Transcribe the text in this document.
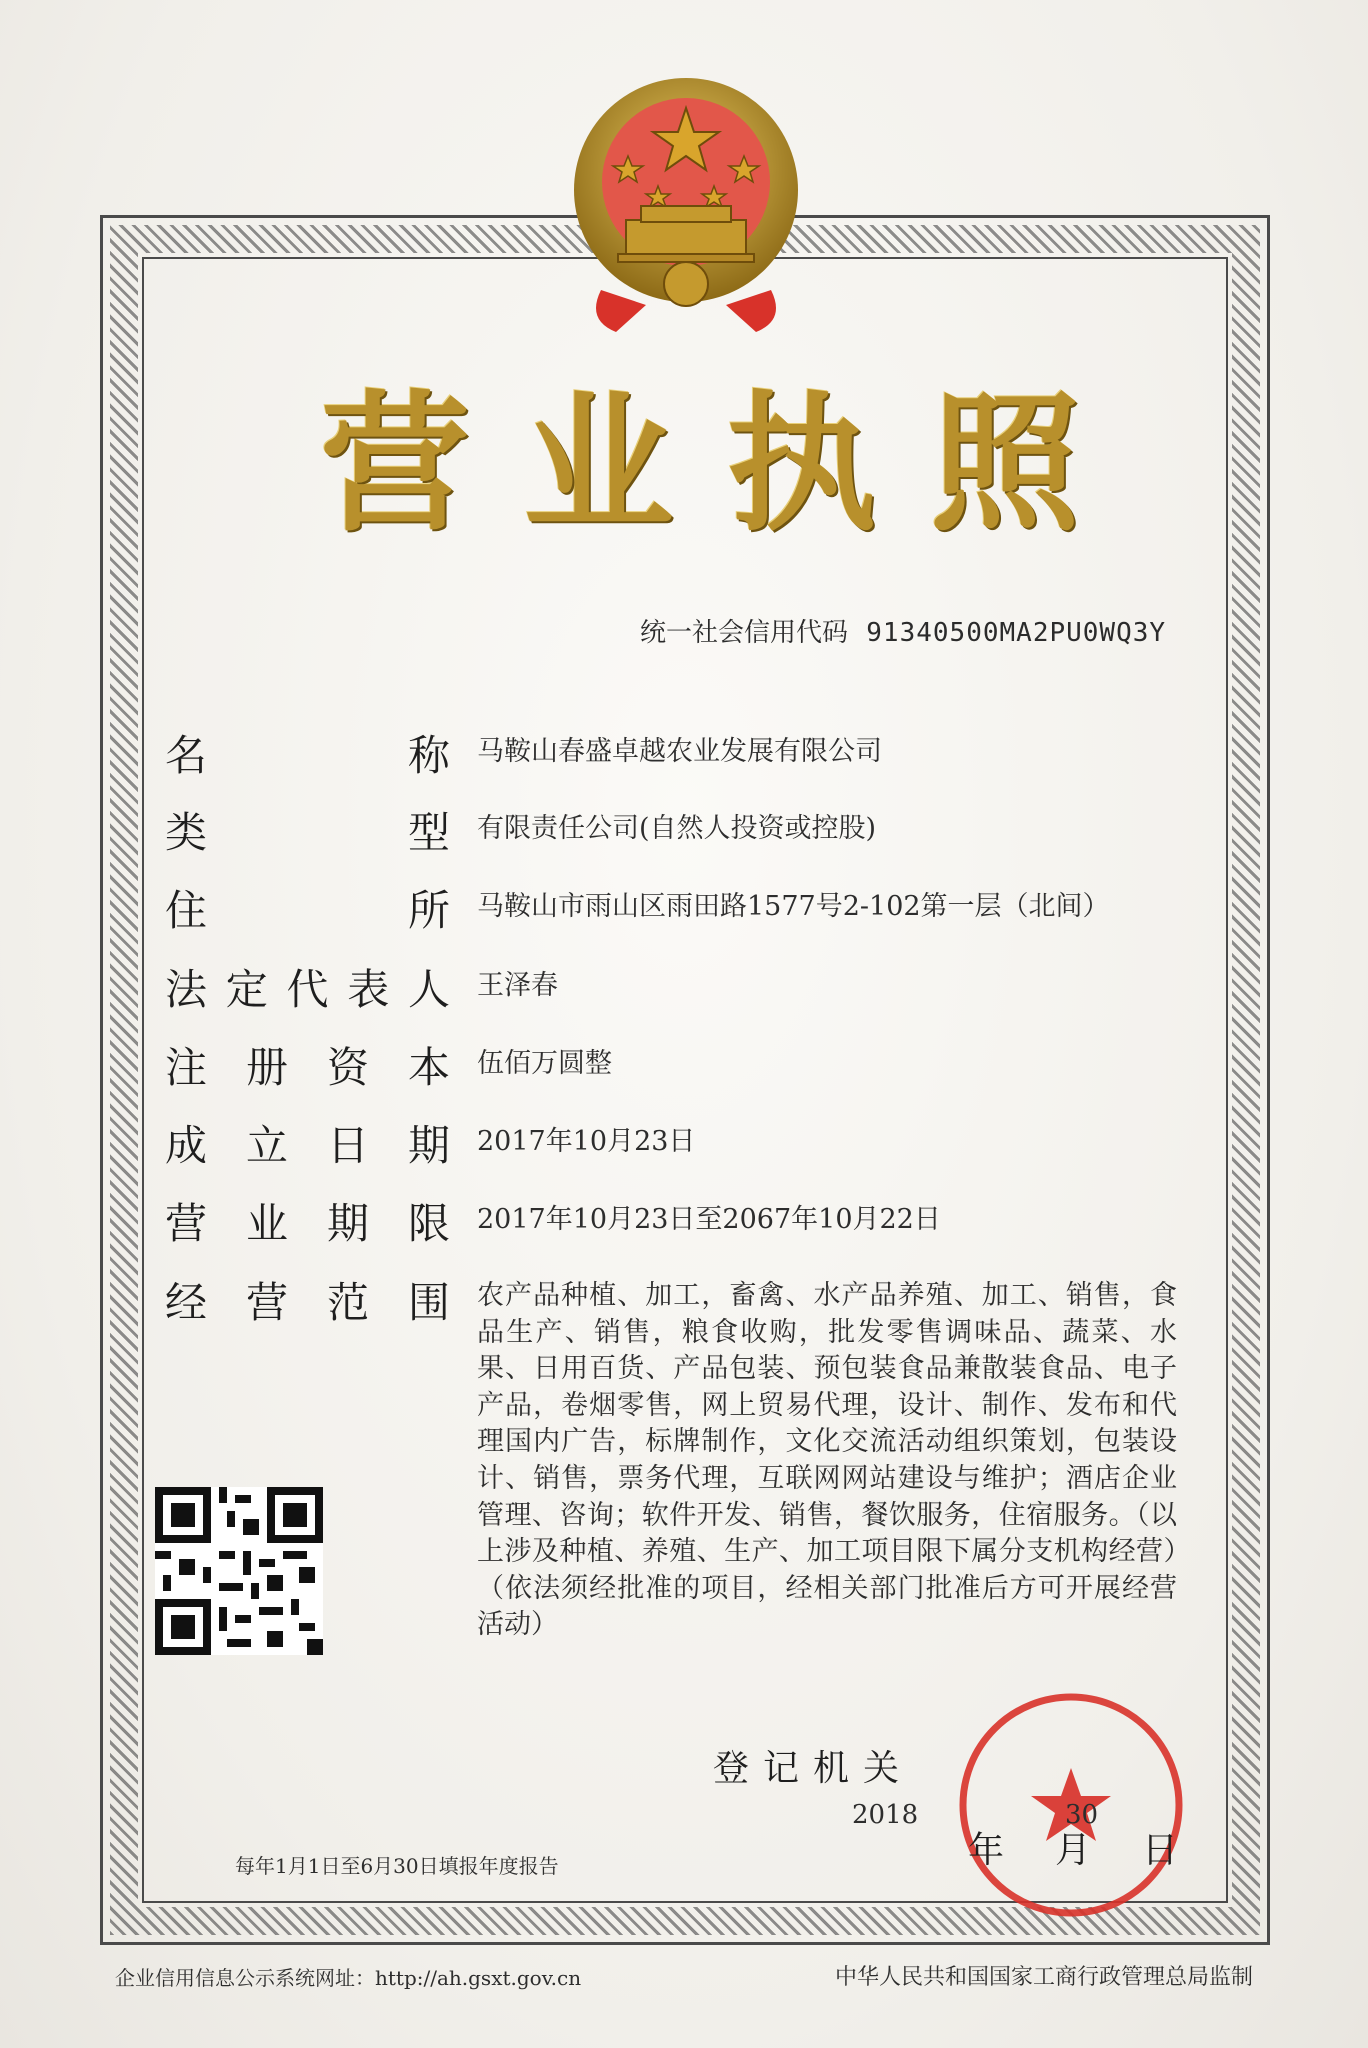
营 业 执 照
统一社会信用代码 91340500MA2PU0WQ3Y
名	称 马鞍山春盛卓越农业发展有限公司
类	型 有限责任公司(自然人投资或控股)
住	所 马鞍山市雨山区雨田路1577号2-102第一层（北间）
法 定 代 表 人 王泽春
注 册 资 本 伍佰万圆整
成 立 日 期 2017年10月23日
营 业 期 限 2017年10月23日至2067年10月22日
经 营 范 围 农产品种植、加工，畜禽、水产品养殖、加工、销售，食品生产、销售，粮食收购，批发零售调味品、蔬菜、水果、日用百货、产品包装、预包装食品兼散装食品、电子产品，卷烟零售，网上贸易代理，设计、制作、发布和代理国内广告，标牌制作，文化交流活动组织策划，包装设计、销售，票务代理，互联网网站建设与维护；酒店企业管理、咨询；软件开发、销售，餐饮服务，住宿服务。（以上涉及种植、养殖、生产、加工项目限下属分支机构经营）（依法须经批准的项目，经相关部门批准后方可开展经营活动）
登记机关
2018	30
年 月 日
每年1月1日至6月30日填报年度报告
企业信用信息公示系统网址：http://ah.gsxt.gov.cn	中华人民共和国国家工商行政管理总局监制
